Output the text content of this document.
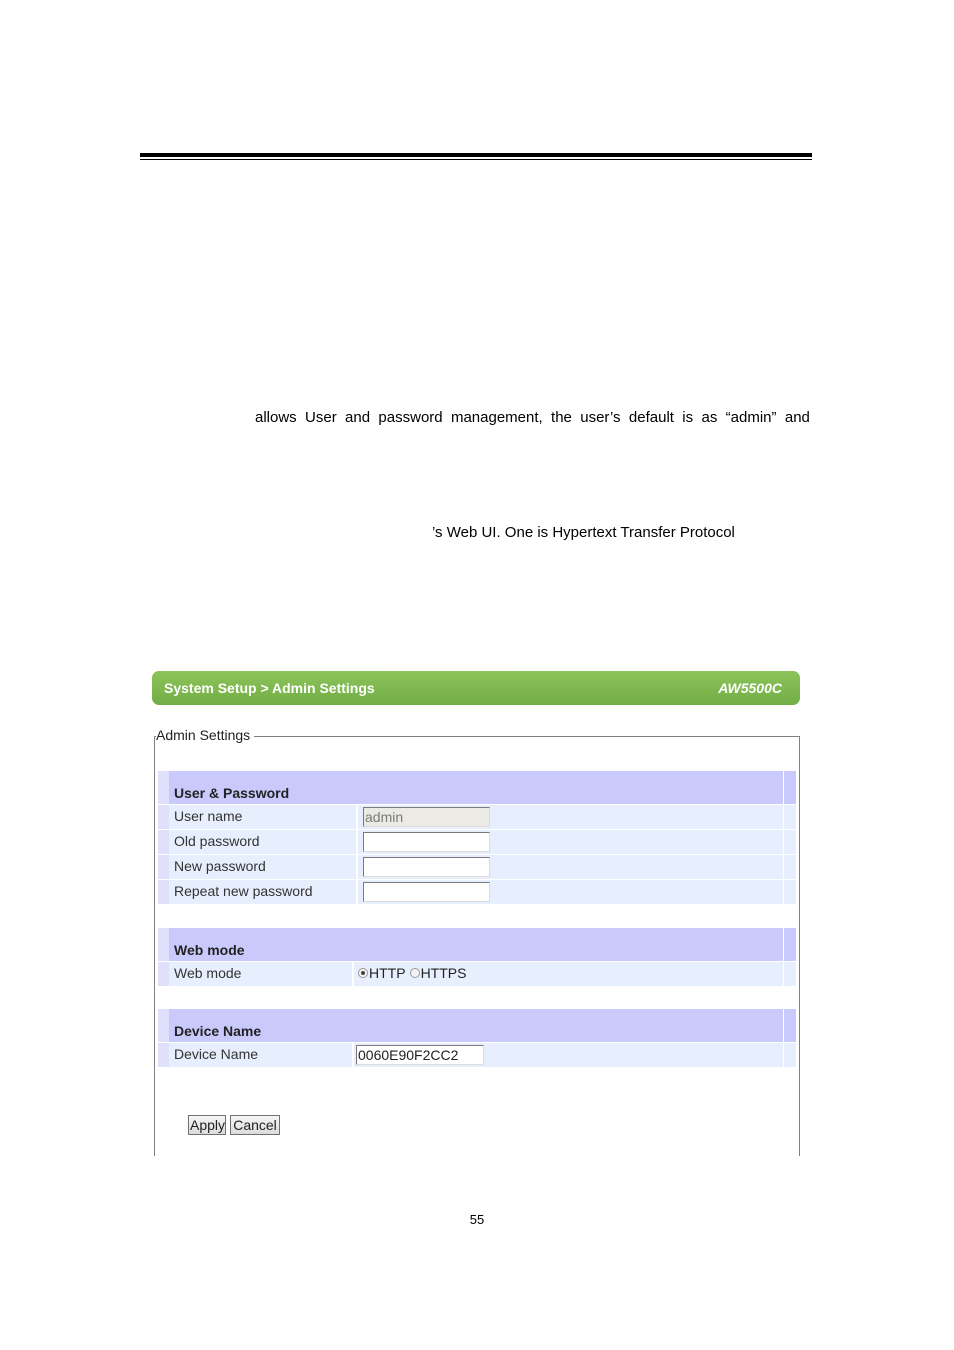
allows User and password management, the user’s default is as “admin” and
’s Web UI. One is Hypertext Transfer Protocol
System Setup > Admin Settings	AW5500C
Admin Settings
User & Password
User name
admin
Old password
New password
Repeat new password
Web mode
Web mode	HTTP HTTPS
Device Name
Device Name
0060E90F2CC2
Apply Cancel
55
